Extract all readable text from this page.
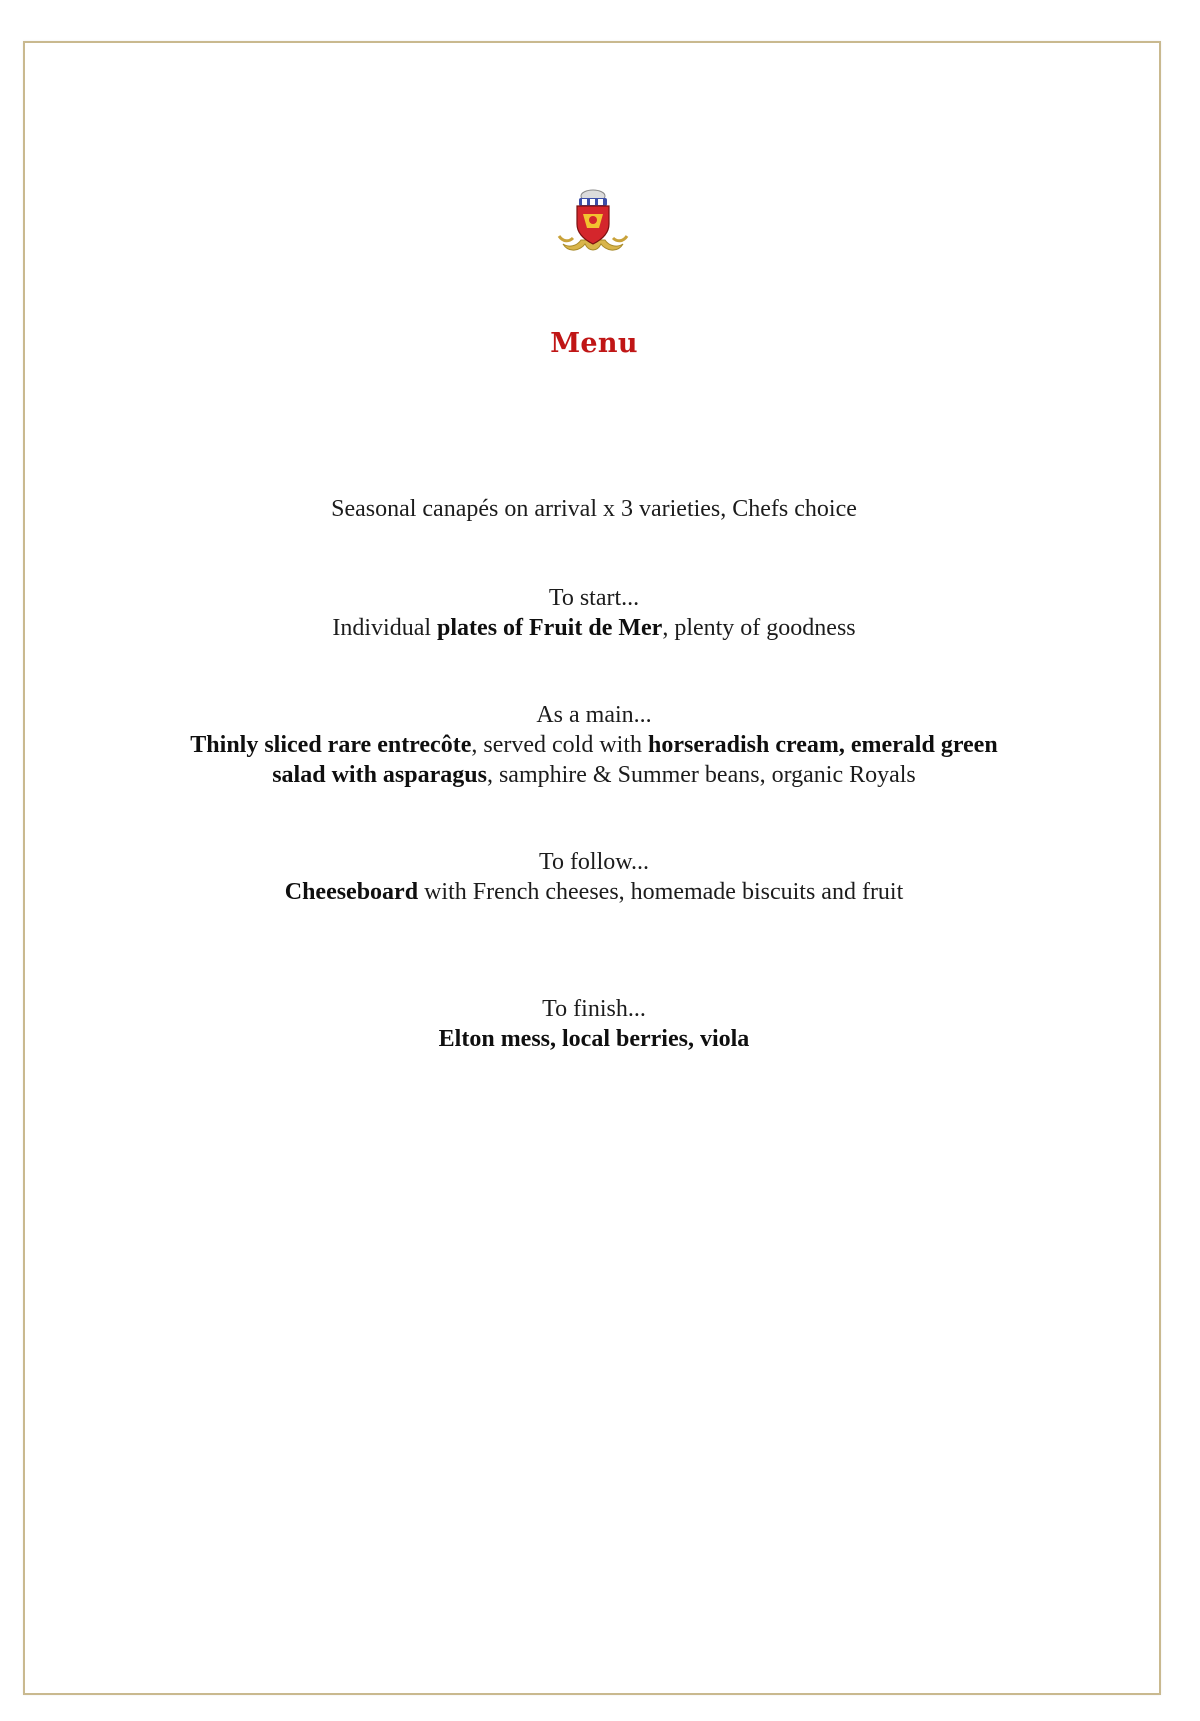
Menu
Seasonal canapés on arrival x 3 varieties, Chefs choice
To start...
Individual plates of Fruit de Mer, plenty of goodness
As a main...
Thinly sliced rare entrecôte, served cold with horseradish cream, emerald green
salad with asparagus, samphire & Summer beans, organic Royals
To follow...
Cheeseboard with French cheeses, homemade biscuits and fruit
To finish...
Elton mess, local berries, viola
